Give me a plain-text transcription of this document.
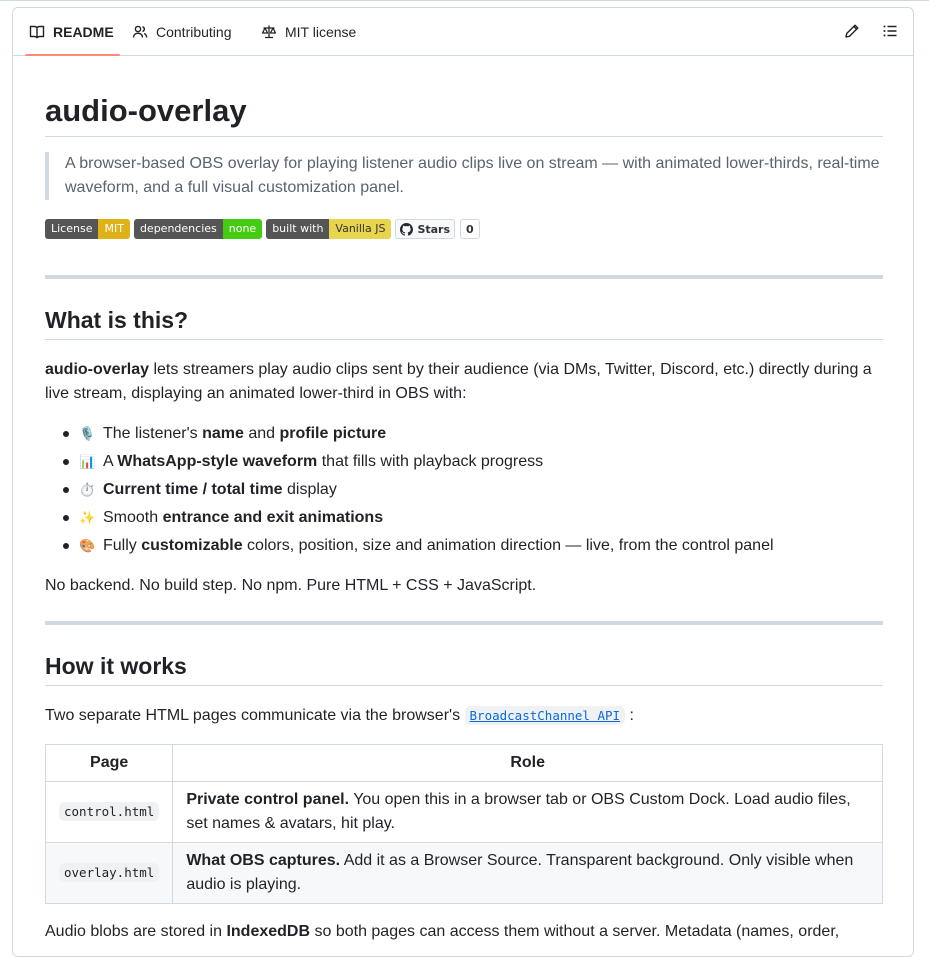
README	Contributing	MIT license
audio-overlay
A browser-based OBS overlay for playing listener audio clips live on stream — with animated lower-thirds, real-time waveform, and a full visual customization panel.
License	MIT	dependencies	none	built with	Vanilla JS	Stars	0
What is this?

audio-overlay lets streamers play audio clips sent by their audience (via DMs, Twitter, Discord, etc.) directly during a live stream, displaying an animated lower-third in OBS with:

🎙️ The listener's name and profile picture
📊 A WhatsApp-style waveform that fills with playback progress
⏱️ Current time / total time display
✨ Smooth entrance and exit animations
🎨 Fully customizable colors, position, size and animation direction — live, from the control panel

No backend. No build step. No npm. Pure HTML + CSS + JavaScript.

How it works

Two separate HTML pages communicate via the browser's BroadcastChannel API :

Page	Role
control.html	Private control panel. You open this in a browser tab or OBS Custom Dock. Load audio files, set names & avatars, hit play.
overlay.html	What OBS captures. Add it as a Browser Source. Transparent background. Only visible when audio is playing.

Audio blobs are stored in IndexedDB so both pages can access them without a server. Metadata (names, order,
